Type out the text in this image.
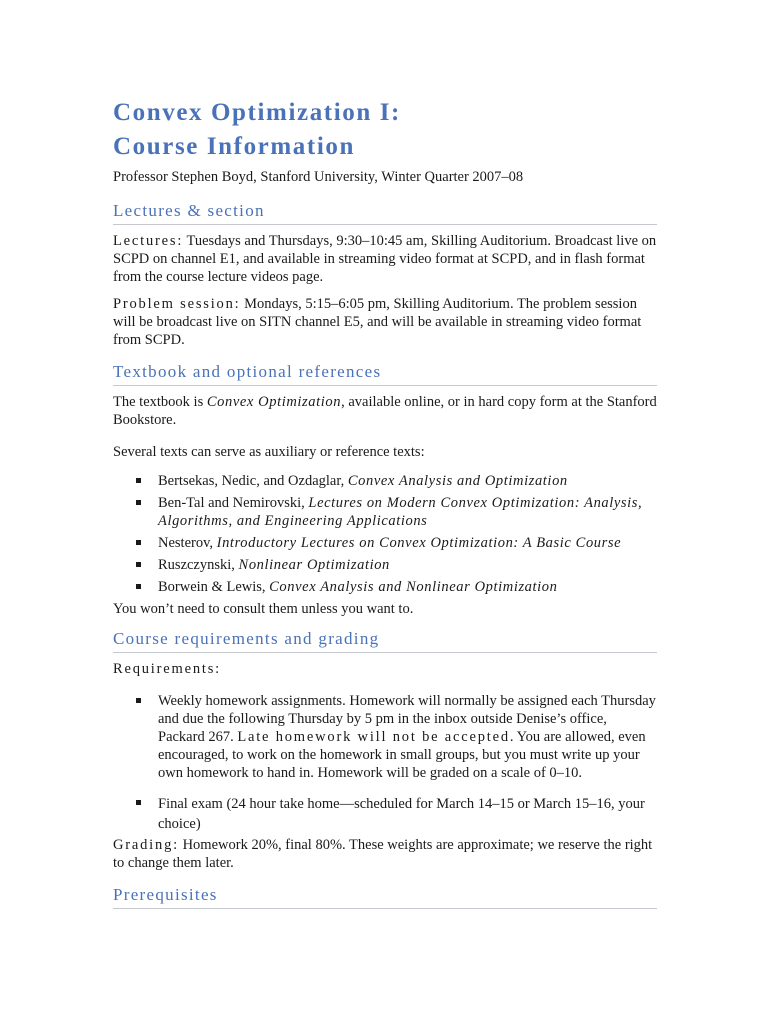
Convex Optimization I:
Course Information

Professor Stephen Boyd, Stanford University, Winter Quarter 2007–08

Lectures & section

Lectures: Tuesdays and Thursdays, 9:30–10:45 am, Skilling Auditorium. Broadcast live on SCPD on channel E1, and available in streaming video format at SCPD, and in flash format from the course lecture videos page.

Problem session: Mondays, 5:15–6:05 pm, Skilling Auditorium. The problem session will be broadcast live on SITN channel E5, and will be available in streaming video format from SCPD.

Textbook and optional references

The textbook is Convex Optimization, available online, or in hard copy form at the Stanford Bookstore.

Several texts can serve as auxiliary or reference texts:

Bertsekas, Nedic, and Ozdaglar, Convex Analysis and Optimization
Ben-Tal and Nemirovski, Lectures on Modern Convex Optimization: Analysis, Algorithms, and Engineering Applications
Nesterov, Introductory Lectures on Convex Optimization: A Basic Course
Ruszczynski, Nonlinear Optimization
Borwein & Lewis, Convex Analysis and Nonlinear Optimization

You won’t need to consult them unless you want to.

Course requirements and grading

Requirements:

Weekly homework assignments. Homework will normally be assigned each Thursday and due the following Thursday by 5 pm in the inbox outside Denise’s office, Packard 267. Late homework will not be accepted. You are allowed, even encouraged, to work on the homework in small groups, but you must write up your own homework to hand in. Homework will be graded on a scale of 0–10.
Final exam (24 hour take home—scheduled for March 14–15 or March 15–16, your choice)

Grading: Homework 20%, final 80%. These weights are approximate; we reserve the right to change them later.

Prerequisites
